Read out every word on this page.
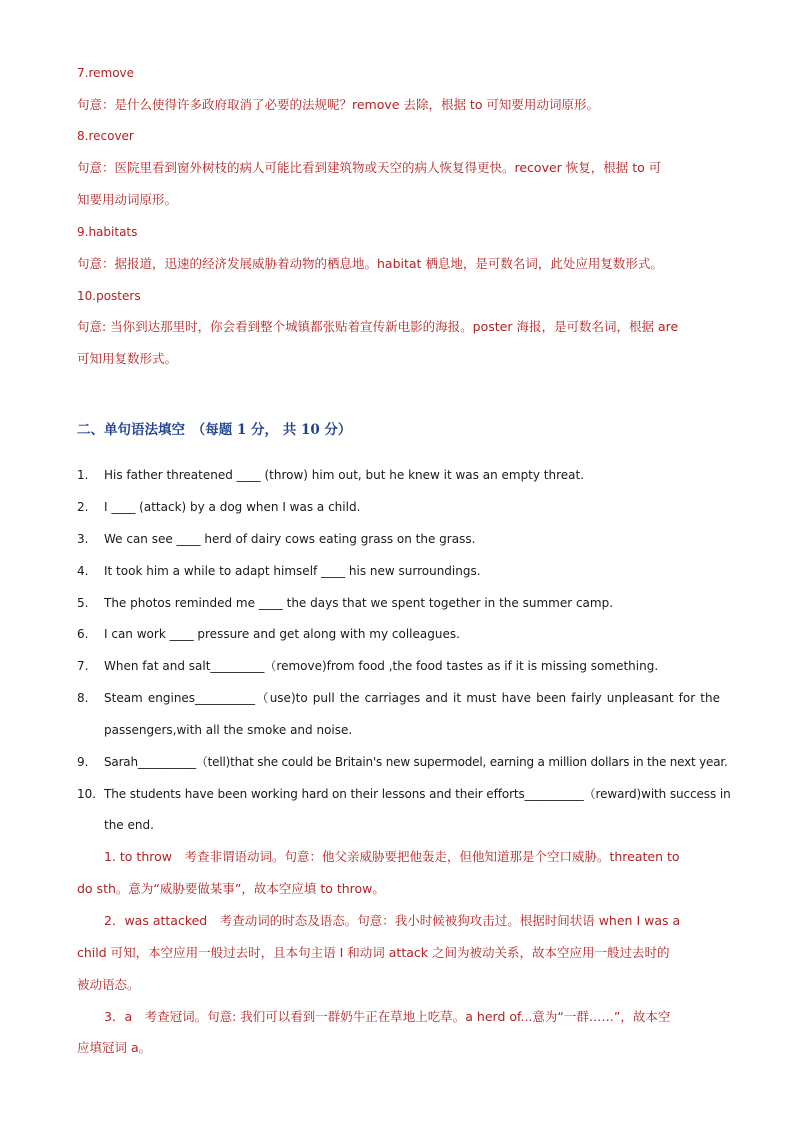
7.remove
句意：是什么使得许多政府取消了必要的法规呢？remove 去除，根据 to 可知要用动词原形。
8.recover
句意：医院里看到窗外树枝的病人可能比看到建筑物或天空的病人恢复得更快。recover 恢复，根据 to 可
知要用动词原形。
9.habitats
句意：据报道，迅速的经济发展威胁着动物的栖息地。habitat 栖息地，是可数名词，此处应用复数形式。
10.posters
句意: 当你到达那里时，你会看到整个城镇都张贴着宣传新电影的海报。poster 海报，是可数名词，根据 are
可知用复数形式。
二、单句语法填空　（每题 1 分， 共 10 分）
1. His father threatened ____ (throw) him out, but he knew it was an empty threat.
2. I ____ (attack) by a dog when I was a child.
3. We can see ____ herd of dairy cows eating grass on the grass.
4. It took him a while to adapt himself ____ his new surroundings.
5. The photos reminded me ____ the days that we spent together in the summer camp.
6. I can work ____ pressure and get along with my colleagues.
7. When fat and salt_________（remove)from food ,the food tastes as if it is missing something.
8. Steam engines__________（use)to pull the carriages and it must have been fairly unpleasant for the
passengers,with all the smoke and noise.
9. Sarah__________（tell)that she could be Britain's new supermodel, earning a million dollars in the next year.
10. The students have been working hard on their lessons and their efforts__________（reward)with success in
the end.
1. to throw　考查非谓语动词。句意：他父亲威胁要把他轰走，但他知道那是个空口威胁。threaten to
do sth。意为“威胁要做某事”，故本空应填 to throw。
2．was attacked　考查动词的时态及语态。句意：我小时候被狗攻击过。根据时间状语 when I was a
child 可知，本空应用一般过去时，且本句主语 I 和动词 attack 之间为被动关系，故本空应用一般过去时的
被动语态。
3．a　考查冠词。句意: 我们可以看到一群奶牛正在草地上吃草。a herd of...意为“一群……”，故本空
应填冠词 a。
